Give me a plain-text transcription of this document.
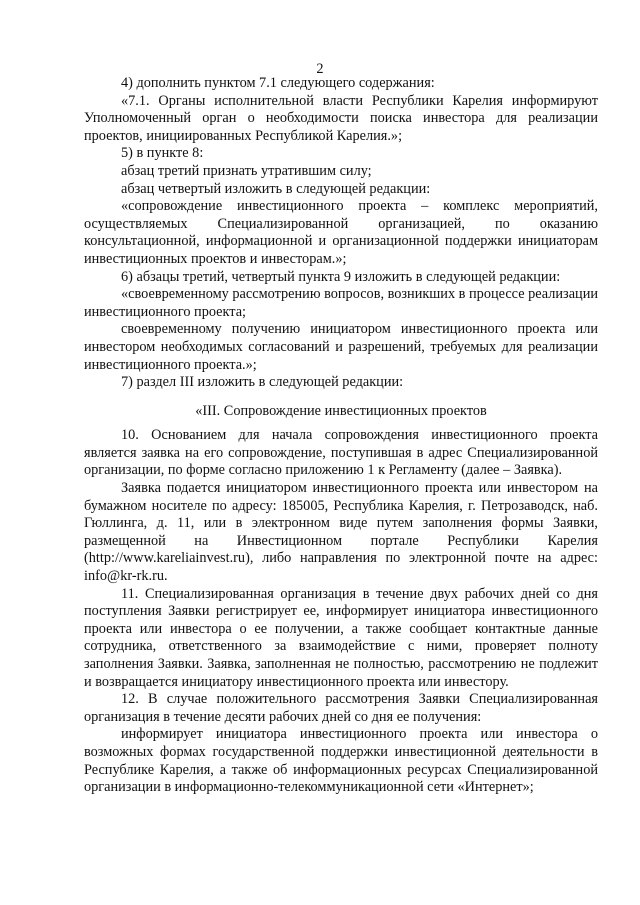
2

4) дополнить пунктом 7.1 следующего содержания:

«7.1. Органы исполнительной власти Республики Карелия информируют Уполномоченный орган о необходимости поиска инвестора для реализации проектов, инициированных Республикой Карелия.»;

5) в пункте 8:

абзац третий признать утратившим силу;

абзац четвертый изложить в следующей редакции:

«сопровождение инвестиционного проекта – комплекс мероприятий, осуществляемых Специализированной организацией, по оказанию консультационной, информационной и организационной поддержки инициаторам инвестиционных проектов и инвесторам.»;

6) абзацы третий, четвертый пункта 9 изложить в следующей редакции:

«своевременному рассмотрению вопросов, возникших в процессе реализации инвестиционного проекта;

своевременному получению инициатором инвестиционного проекта или инвестором необходимых согласований и разрешений, требуемых для реализации инвестиционного проекта.»;

7) раздел III изложить в следующей редакции:

«III. Сопровождение инвестиционных проектов

10. Основанием для начала сопровождения инвестиционного проекта является заявка на его сопровождение, поступившая в адрес Специализированной организации, по форме согласно приложению 1 к Регламенту (далее – Заявка).

Заявка подается инициатором инвестиционного проекта или инвестором на бумажном носителе по адресу: 185005, Республика Карелия, г. Петрозаводск, наб. Гюллинга, д. 11, или в электронном виде путем заполнения формы Заявки, размещенной на Инвестиционном портале Республики Карелия (http://www.kareliainvest.ru), либо направления по электронной почте на адрес: info@kr-rk.ru.

11. Специализированная организация в течение двух рабочих дней со дня поступления Заявки регистрирует ее, информирует инициатора инвестиционного проекта или инвестора о ее получении, а также сообщает контактные данные сотрудника, ответственного за взаимодействие с ними, проверяет полноту заполнения Заявки. Заявка, заполненная не полностью, рассмотрению не подлежит и возвращается инициатору инвестиционного проекта или инвестору.

12. В случае положительного рассмотрения Заявки Специализированная организация в течение десяти рабочих дней со дня ее получения:

информирует инициатора инвестиционного проекта или инвестора о возможных формах государственной поддержки инвестиционной деятельности в Республике Карелия, а также об информационных ресурсах Специализированной организации в информационно-телекоммуникационной сети «Интернет»;
